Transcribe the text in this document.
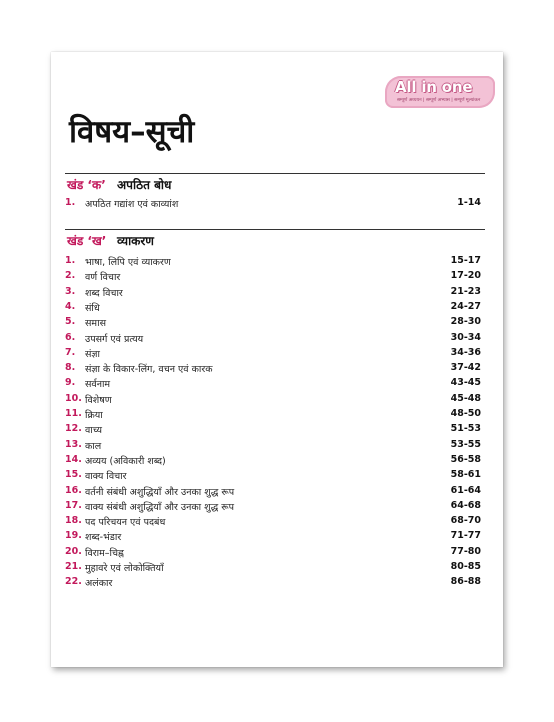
All in one
सम्पूर्ण अध्ययन | सम्पूर्ण अभ्यास | सम्पूर्ण मूल्यांकन
विषय–सूची
खंड ‘क’ अपठित बोध
1.	अपठित गद्यांश एवं काव्यांश	1-14
खंड ‘ख’ व्याकरण
1.	भाषा, लिपि एवं व्याकरण	15-17
2.	वर्ण विचार	17-20
3.	शब्द विचार	21-23
4.	संधि	24-27
5.	समास	28-30
6.	उपसर्ग एवं प्रत्यय	30-34
7.	संज्ञा	34-36
8.	संज्ञा के विकार-लिंग, वचन एवं कारक	37-42
9.	सर्वनाम	43-45
10. विशेषण	45-48
11. क्रिया	48-50
12. वाच्य	51-53
13. काल	53-55
14. अव्यय (अविकारी शब्द)	56-58
15. वाक्य विचार	58-61
16. वर्तनी संबंधी अशुद्धियाँ और उनका शुद्ध रूप	61-64
17. वाक्य संबंधी अशुद्धियाँ और उनका शुद्ध रूप	64-68
18. पद परिचयन एवं पदबंध	68-70
19. शब्द-भंडार	71-77
20. विराम–चिह्न	77-80
21. मुहावरे एवं लोकोक्तियाँ	80-85
22. अलंकार	86-88
